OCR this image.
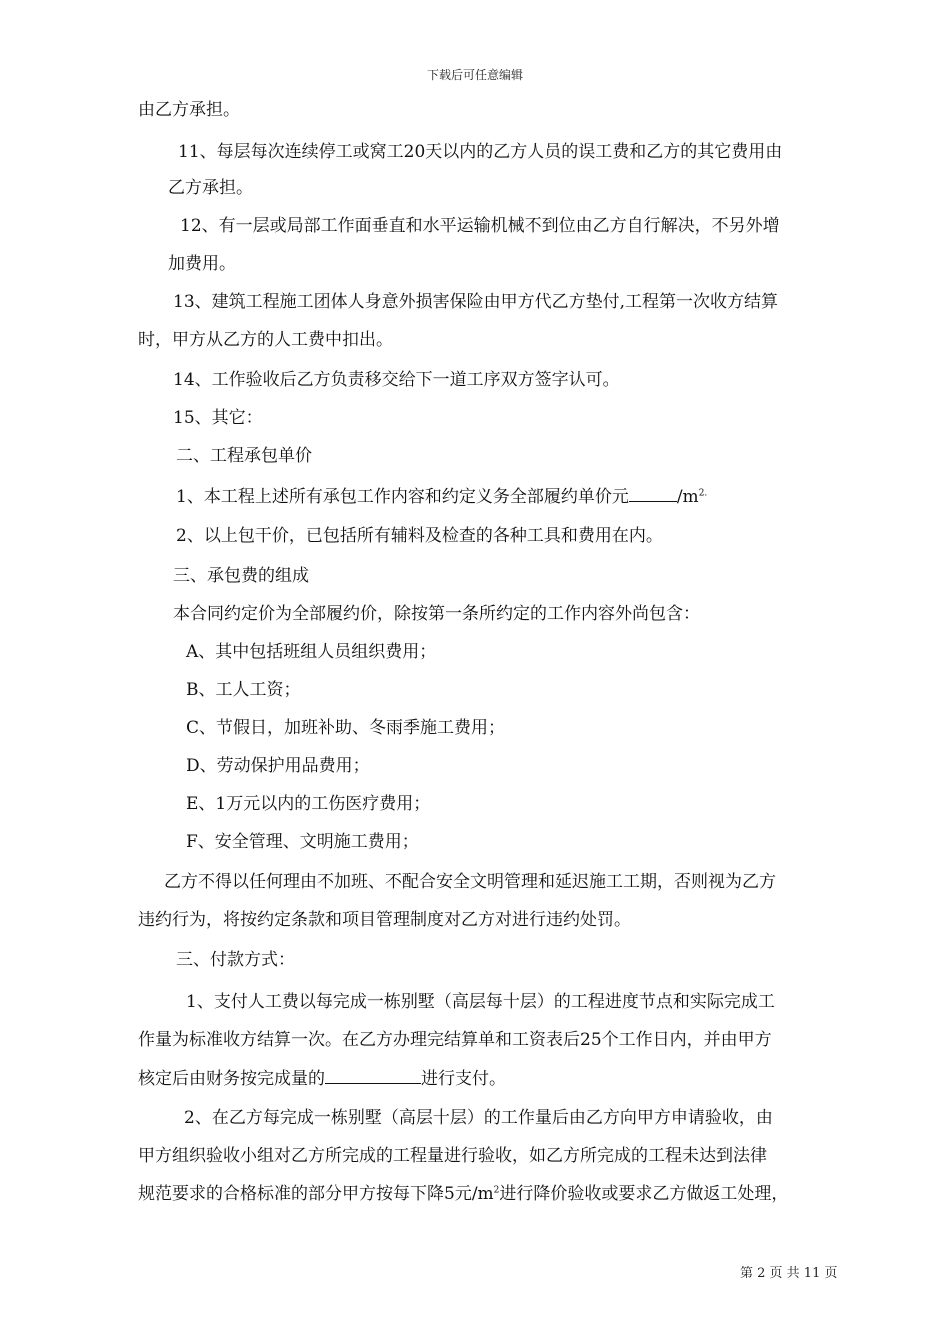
下载后可任意编辑
由乙方承担。
11、每层每次连续停工或窝工20天以内的乙方人员的误工费和乙方的其它费用由
乙方承担。
12、有一层或局部工作面垂直和水平运输机械不到位由乙方自行解决，不另外增
加费用。
13、建筑工程施工团体人身意外损害保险由甲方代乙方垫付,工程第一次收方结算
时，甲方从乙方的人工费中扣出。
14、工作验收后乙方负责移交给下一道工序双方签字认可。
15、其它：
二、工程承包单价
1、本工程上述所有承包工作内容和约定义务全部履约单价元	$/m^{2.}$
2、以上包干价，已包括所有辅料及检查的各种工具和费用在内。
三、承包费的组成
本合同约定价为全部履约价，除按第一条所约定的工作内容外尚包含：
A、其中包括班组人员组织费用；
B、工人工资；
C、节假日，加班补助、冬雨季施工费用；
D、劳动保护用品费用；
E、1万元以内的工伤医疗费用；
F、安全管理、文明施工费用；
乙方不得以任何理由不加班、不配合安全文明管理和延迟施工工期，否则视为乙方
违约行为，将按约定条款和项目管理制度对乙方对进行违约处罚。
三、付款方式：
1、支付人工费以每完成一栋别墅（高层每十层）的工程进度节点和实际完成工
作量为标准收方结算一次。在乙方办理完结算单和工资表后25个工作日内，并由甲方
核定后由财务按完成量的	进行支付。
2、在乙方每完成一栋别墅（高层十层）的工作量后由乙方向甲方申请验收，由
甲方组织验收小组对乙方所完成的工程量进行验收，如乙方所完成的工程未达到法律
规范要求的合格标准的部分甲方按每下降5元$/m^2$进行降价验收或要求乙方做返工处理，
第 2 页 共 11 页
